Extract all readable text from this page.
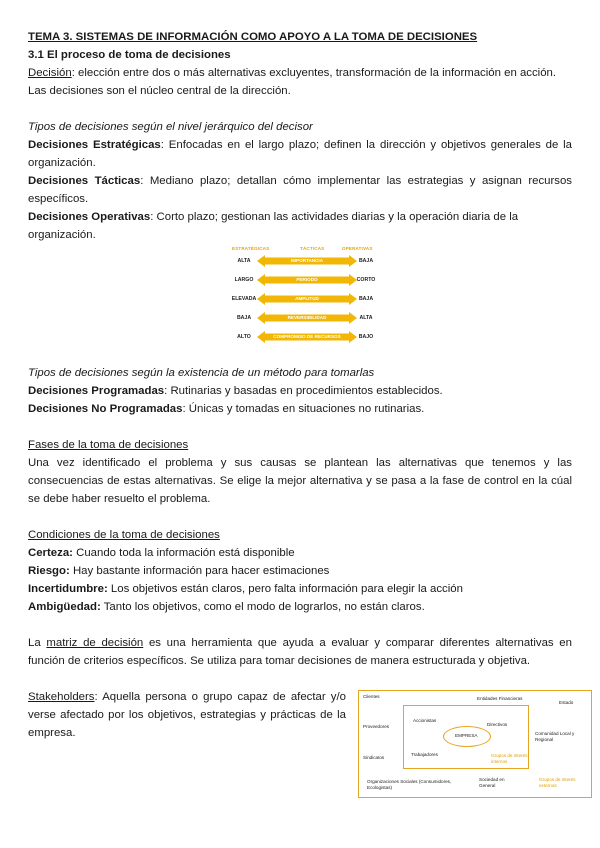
TEMA 3. SISTEMAS DE INFORMACIÓN COMO APOYO A LA TOMA DE DECISIONES

3.1 El proceso de toma de decisiones

Decisión: elección entre dos o más alternativas excluyentes, transformación de la información en acción. Las decisiones son el núcleo central de la dirección.

Tipos de decisiones según el nivel jerárquico del decisor

Decisiones Estratégicas: Enfocadas en el largo plazo; definen la dirección y objetivos generales de la organización.

Decisiones Tácticas: Mediano plazo; detallan cómo implementar las estrategias y asignan recursos específicos.

Decisiones Operativas: Corto plazo; gestionan las actividades diarias y la operación diaria de la organización.

ESTRATÉGICAS	TÁCTICAS	OPERATIVAS
ALTA	IMPORTANCIA	BAJA
LARGO	PERIODO	CORTO
ELEVADA	AMPLITUD	BAJA
BAJA	REVERSIBILIDAD	ALTA
ALTO	COMPROMISO DE RECURSOS	BAJO

Tipos de decisiones según la existencia de un método para tomarlas

Decisiones Programadas: Rutinarias y basadas en procedimientos establecidos.

Decisiones No Programadas: Únicas y tomadas en situaciones no rutinarias.

Fases de la toma de decisiones

Una vez identificado el problema y sus causas se plantean las alternativas que tenemos y las consecuencias de estas alternativas. Se elige la mejor alternativa y se pasa a la fase de control en la cúal se debe haber resuelto el problema.

Condiciones de la toma de decisiones

Certeza: Cuando toda la información está disponible

Riesgo: Hay bastante información para hacer estimaciones

Incertidumbre: Los objetivos están claros, pero falta información para elegir la acción

Ambigüedad: Tanto los objetivos, como el modo de lograrlos, no están claros.

La matriz de decisión es una herramienta que ayuda a evaluar y comparar diferentes alternativas en función de criterios específicos. Se utiliza para tomar decisiones de manera estructurada y objetiva.

Stakeholders: Aquella persona o grupo capaz de afectar y/o verse afectado por los objetivos, estrategias y prácticas de la empresa.

Clientes	Entidades Financieras
Estado
Proveedores
Accionistas
Directivos
EMPRESA	Comunidad Local y Regional
Sindicatos
Trabajadores	Grupos de interés internos
Organizaciones Sociales (Consumidores, Ecologistas)
Sociedad en General
Grupos de interés externos
